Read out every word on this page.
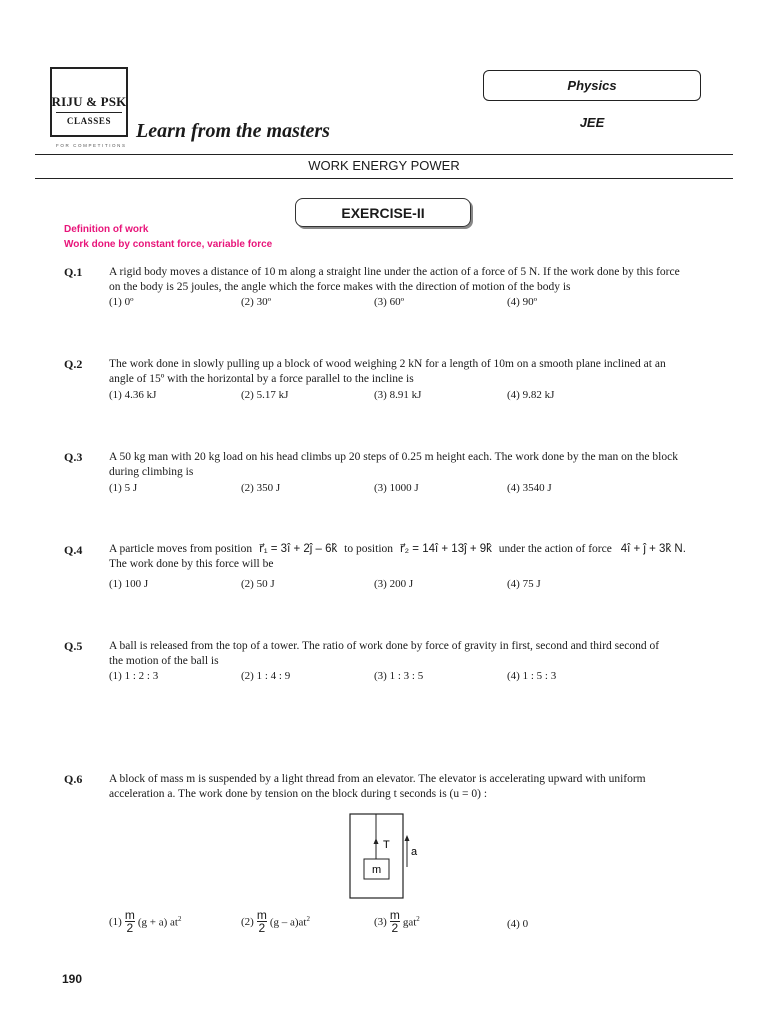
RIJU & PSK
CLASSES
FOR COMPETITIONS
Learn from the masters
Physics
JEE
WORK ENERGY POWER
EXERCISE-II
Definition of work
Work done by constant force, variable force
Q.1 A rigid body moves a distance of 10 m along a straight line under the action of a force of 5 N. If the work done by this force
on the body is 25 joules, the angle which the force makes with the direction of motion of the body is
(1) 0º	(2) 30º	(3) 60º	(4) 90º
Q.2 The work done in slowly pulling up a block of wood weighing 2 kN for a length of 10m on a smooth plane inclined at an
angle of 15º with the horizontal by a force parallel to the incline is
(1) 4.36 kJ	(2) 5.17 kJ	(3) 8.91 kJ	(4) 9.82 kJ
Q.3 A 50 kg man with 20 kg load on his head climbs up 20 steps of 0.25 m height each. The work done by the man on the block
during climbing is
(1) 5 J	(2) 350 J	(3) 1000 J	(4) 3540 J
Q.4 A particle moves from position r⃗₁ = 3î + 2ĵ – 6k̂ to position r⃗₂ = 14î + 13ĵ + 9k̂ under the action of force 4î + ĵ + 3k̂ N.
The work done by this force will be
(1) 100 J	(2) 50 J	(3) 200 J	(4) 75 J
Q.5 A ball is released from the top of a tower. The ratio of work done by force of gravity in first, second and third second of
the motion of the ball is
(1) 1 : 2 : 3	(2) 1 : 4 : 9	(3) 1 : 3 : 5	(4) 1 : 5 : 3
Q.6 A block of mass m is suspended by a light thread from an elevator. The elevator is accelerating upward with uniform
acceleration a. The work done by tension on the block during t seconds is (u = 0) :
T
a
m
$(1) \frac{m}{2} (g + a)$ $at^2$	$(2) \frac{m}{2} (g - a)at^2$	$(3) \frac{m}{2} gat^2$	(4) 0
190
